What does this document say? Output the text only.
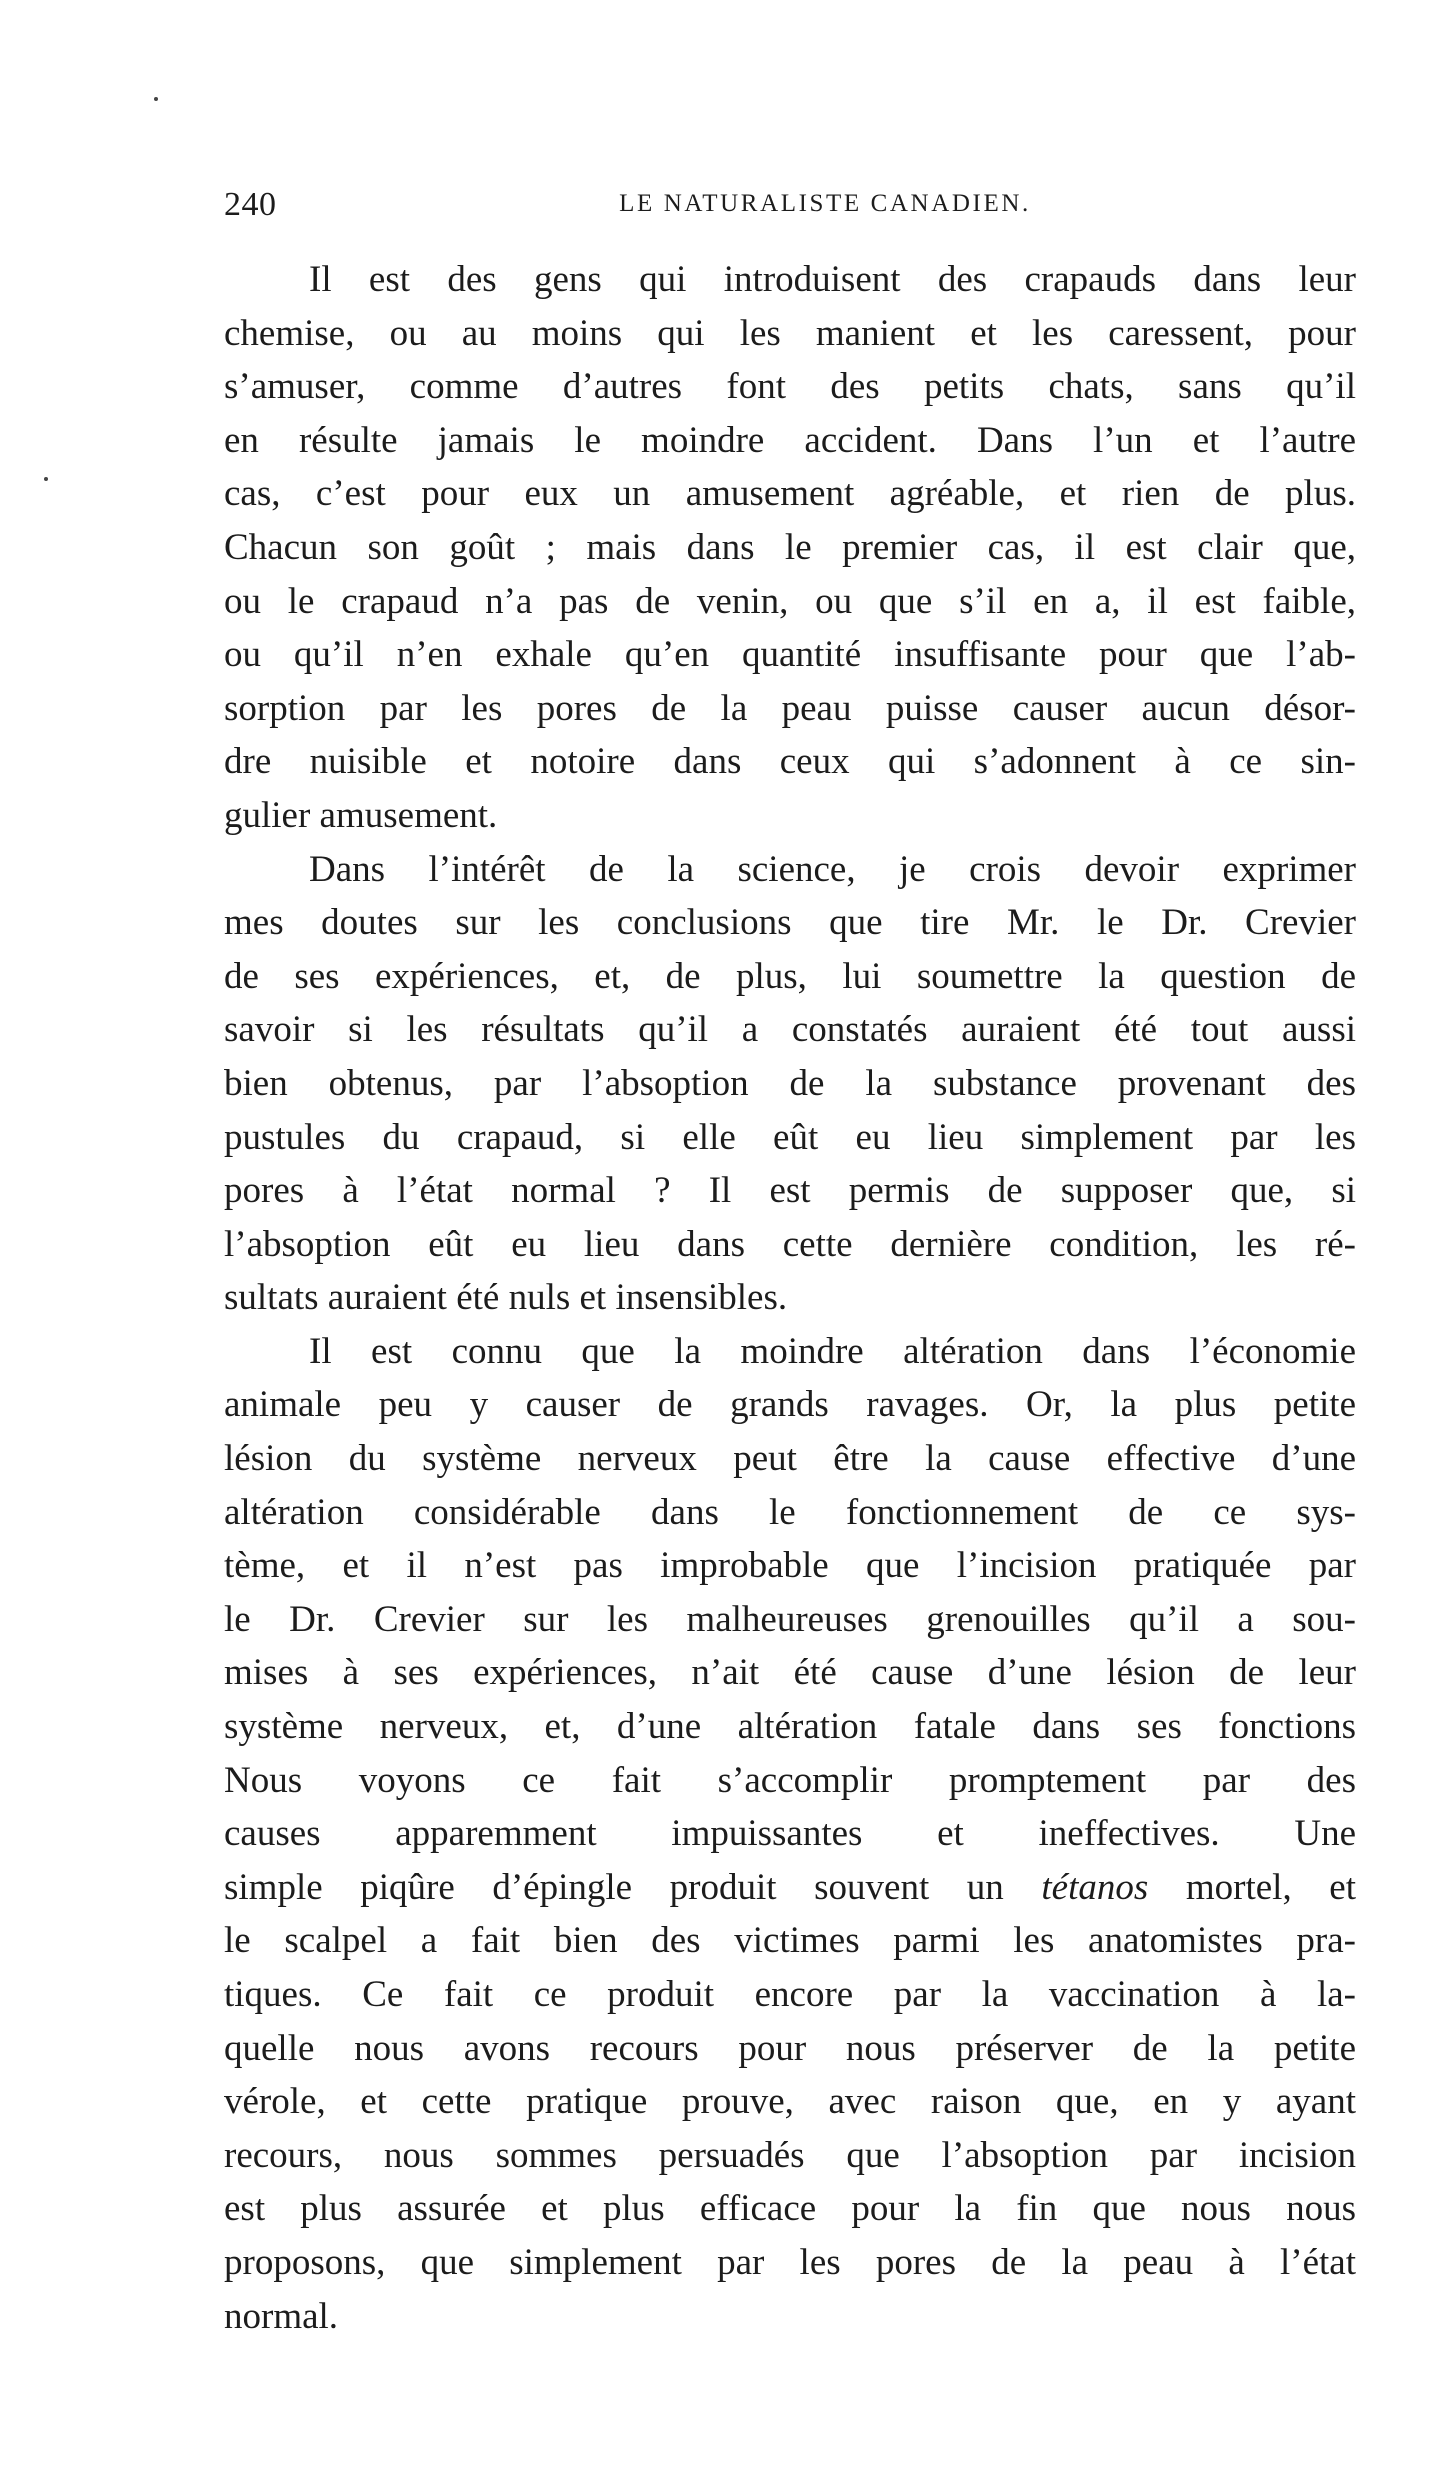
240	LE NATURALISTE CANADIEN.

Il est des gens qui introduisent des crapauds dans leur
chemise, ou au moins qui les manient et les caressent, pour
s’amuser, comme d’autres font des petits chats, sans qu’il
en résulte jamais le moindre accident. Dans l’un et l’autre
cas, c’est pour eux un amusement agréable, et rien de plus.
Chacun son goût ; mais dans le premier cas, il est clair que,
ou le crapaud n’a pas de venin, ou que s’il en a, il est faible,
ou qu’il n’en exhale qu’en quantité insuffisante pour que l’ab-
sorption par les pores de la peau puisse causer aucun désor-
dre nuisible et notoire dans ceux qui s’adonnent à ce sin-
gulier amusement.

Dans l’intérêt de la science, je crois devoir exprimer
mes doutes sur les conclusions que tire Mr. le Dr. Crevier
de ses expériences, et, de plus, lui soumettre la question de
savoir si les résultats qu’il a constatés auraient été tout aussi
bien obtenus, par l’absoption de la substance provenant des
pustules du crapaud, si elle eût eu lieu simplement par les
pores à l’état normal ? Il est permis de supposer que, si
l’absoption eût eu lieu dans cette dernière condition, les ré-
sultats auraient été nuls et insensibles.

Il est connu que la moindre altération dans l’économie
animale peu y causer de grands ravages. Or, la plus petite
lésion du système nerveux peut être la cause effective d’une
altération considérable dans le fonctionnement de ce sys-
tème, et il n’est pas improbable que l’incision pratiquée par
le Dr. Crevier sur les malheureuses grenouilles qu’il a sou-
mises à ses expériences, n’ait été cause d’une lésion de leur
système nerveux, et, d’une altération fatale dans ses fonctions
Nous voyons ce fait s’accomplir promptement par des
causes apparemment impuissantes et ineffectives. Une
simple piqûre d’épingle produit souvent un tétanos mortel, et
le scalpel a fait bien des victimes parmi les anatomistes pra-
tiques. Ce fait ce produit encore par la vaccination à la-
quelle nous avons recours pour nous préserver de la petite
vérole, et cette pratique prouve, avec raison que, en y ayant
recours, nous sommes persuadés que l’absoption par incision
est plus assurée et plus efficace pour la fin que nous nous
proposons, que simplement par les pores de la peau à l’état
normal.
